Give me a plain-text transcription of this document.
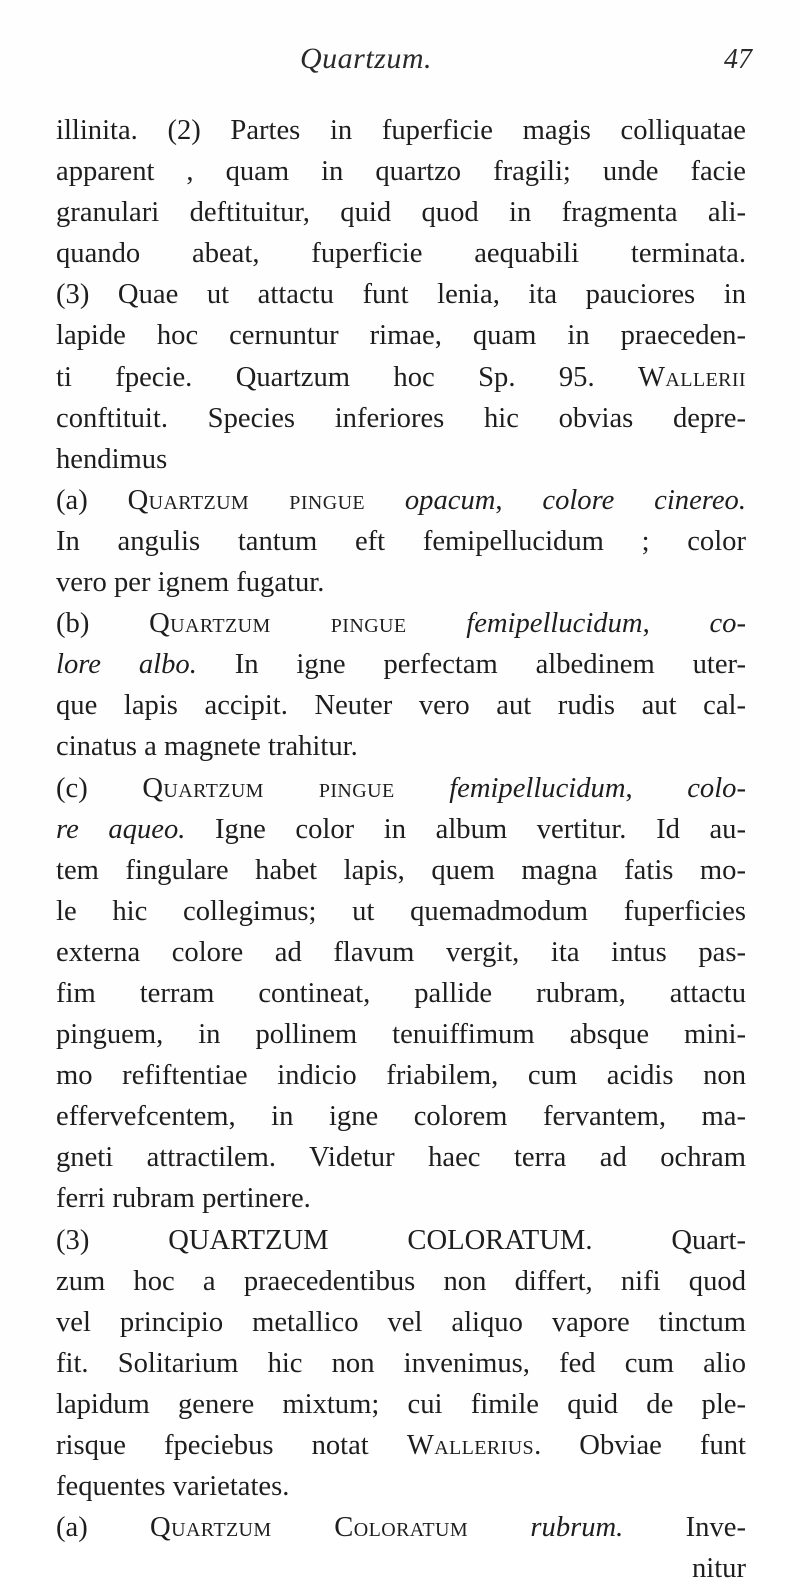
Quartzum.	47
illinita. (2) Partes in fuperficie magis colliquatae
apparent , quam in quartzo fragili; unde facie
granulari deftituitur, quid quod in fragmenta ali-
quando abeat, fuperficie aequabili terminata.
(3) Quae ut attactu funt lenia, ita pauciores in
lapide hoc cernuntur rimae, quam in praeceden-
ti fpecie. Quartzum hoc Sp. 95. Wallerii
conftituit. Species inferiores hic obvias depre-
hendimus
(a) Quartzum pingue opacum, colore cinereo.
In angulis tantum eft femipellucidum ; color
vero per ignem fugatur.
(b) Quartzum pingue femipellucidum, co-
lore albo. In igne perfectam albedinem uter-
que lapis accipit. Neuter vero aut rudis aut cal-
cinatus a magnete trahitur.
(c) Quartzum pingue femipellucidum, colo-
re aqueo. Igne color in album vertitur. Id au-
tem fingulare habet lapis, quem magna fatis mo-
le hic collegimus; ut quemadmodum fuperficies
externa colore ad flavum vergit, ita intus pas-
fim terram contineat, pallide rubram, attactu
pinguem, in pollinem tenuiffimum absque mini-
mo refiftentiae indicio friabilem, cum acidis non
effervefcentem, in igne colorem fervantem, ma-
gneti attractilem. Videtur haec terra ad ochram
ferri rubram pertinere.
(3) QUARTZUM COLORATUM. Quart-
zum hoc a praecedentibus non differt, nifi quod
vel principio metallico vel aliquo vapore tinctum
fit. Solitarium hic non invenimus, fed cum alio
lapidum genere mixtum; cui fimile quid de ple-
risque fpeciebus notat Wallerius. Obviae funt
fequentes varietates.
(a) Quartzum Coloratum rubrum. Inve-
nitur
